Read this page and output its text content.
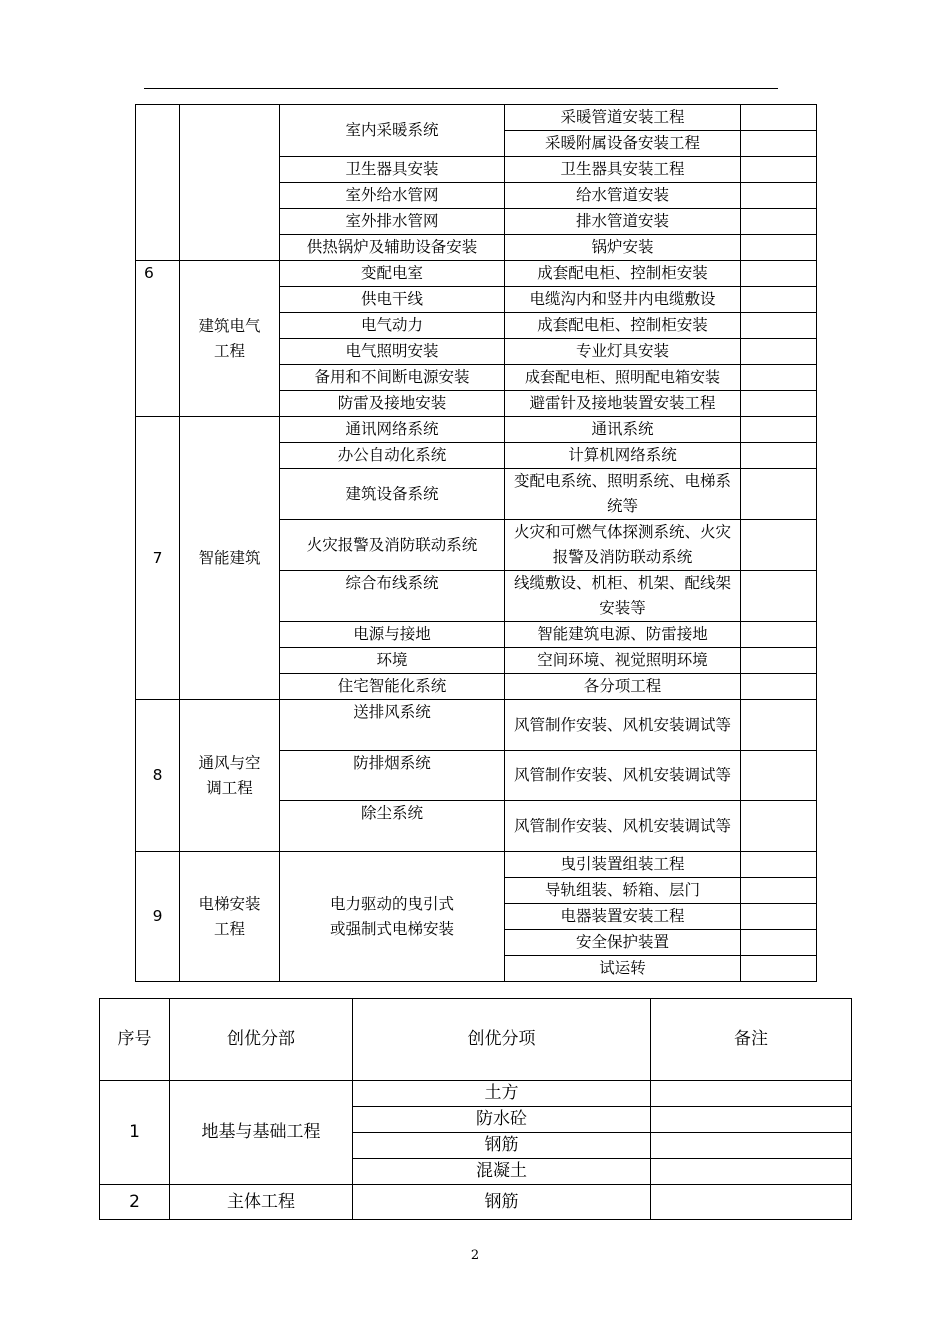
		室内采暖系统	采暖管道安装工程	
			采暖附属设备安装工程	
		卫生器具安装	卫生器具安装工程	
		室外给水管网	给水管道安装	
		室外排水管网	排水管道安装	
		供热锅炉及辅助设备安装	锅炉安装	
6	建筑电气工程	变配电室	成套配电柜、控制柜安装	
		供电干线	电缆沟内和竖井内电缆敷设	
		电气动力	成套配电柜、控制柜安装	
		电气照明安装	专业灯具安装	
		备用和不间断电源安装	成套配电柜、照明配电箱安装	
		防雷及接地安装	避雷针及接地装置安装工程	
7	智能建筑	通讯网络系统	通讯系统	
		办公自动化系统	计算机网络系统	
		建筑设备系统	变配电系统、照明系统、电梯系统等	
		火灾报警及消防联动系统	火灾和可燃气体探测系统、火灾报警及消防联动系统	
		综合布线系统	线缆敷设、机柜、机架、配线架安装等	
		电源与接地	智能建筑电源、防雷接地	
		环境	空间环境、视觉照明环境	
		住宅智能化系统	各分项工程	
8	通风与空调工程	送排风系统	风管制作安装、风机安装调试等	
		防排烟系统	风管制作安装、风机安装调试等	
		除尘系统	风管制作安装、风机安装调试等	
9	电梯安装工程	电力驱动的曳引式或强制式电梯安装	曳引装置组装工程	
			导轨组装、轿箱、层门	
			电器装置安装工程	
			安全保护装置	
			试运转	
序号	创优分部	创优分项	备注
1	地基与基础工程	土方	
		防水砼	
		钢筋	
		混凝土	
2	主体工程	钢筋	
2
